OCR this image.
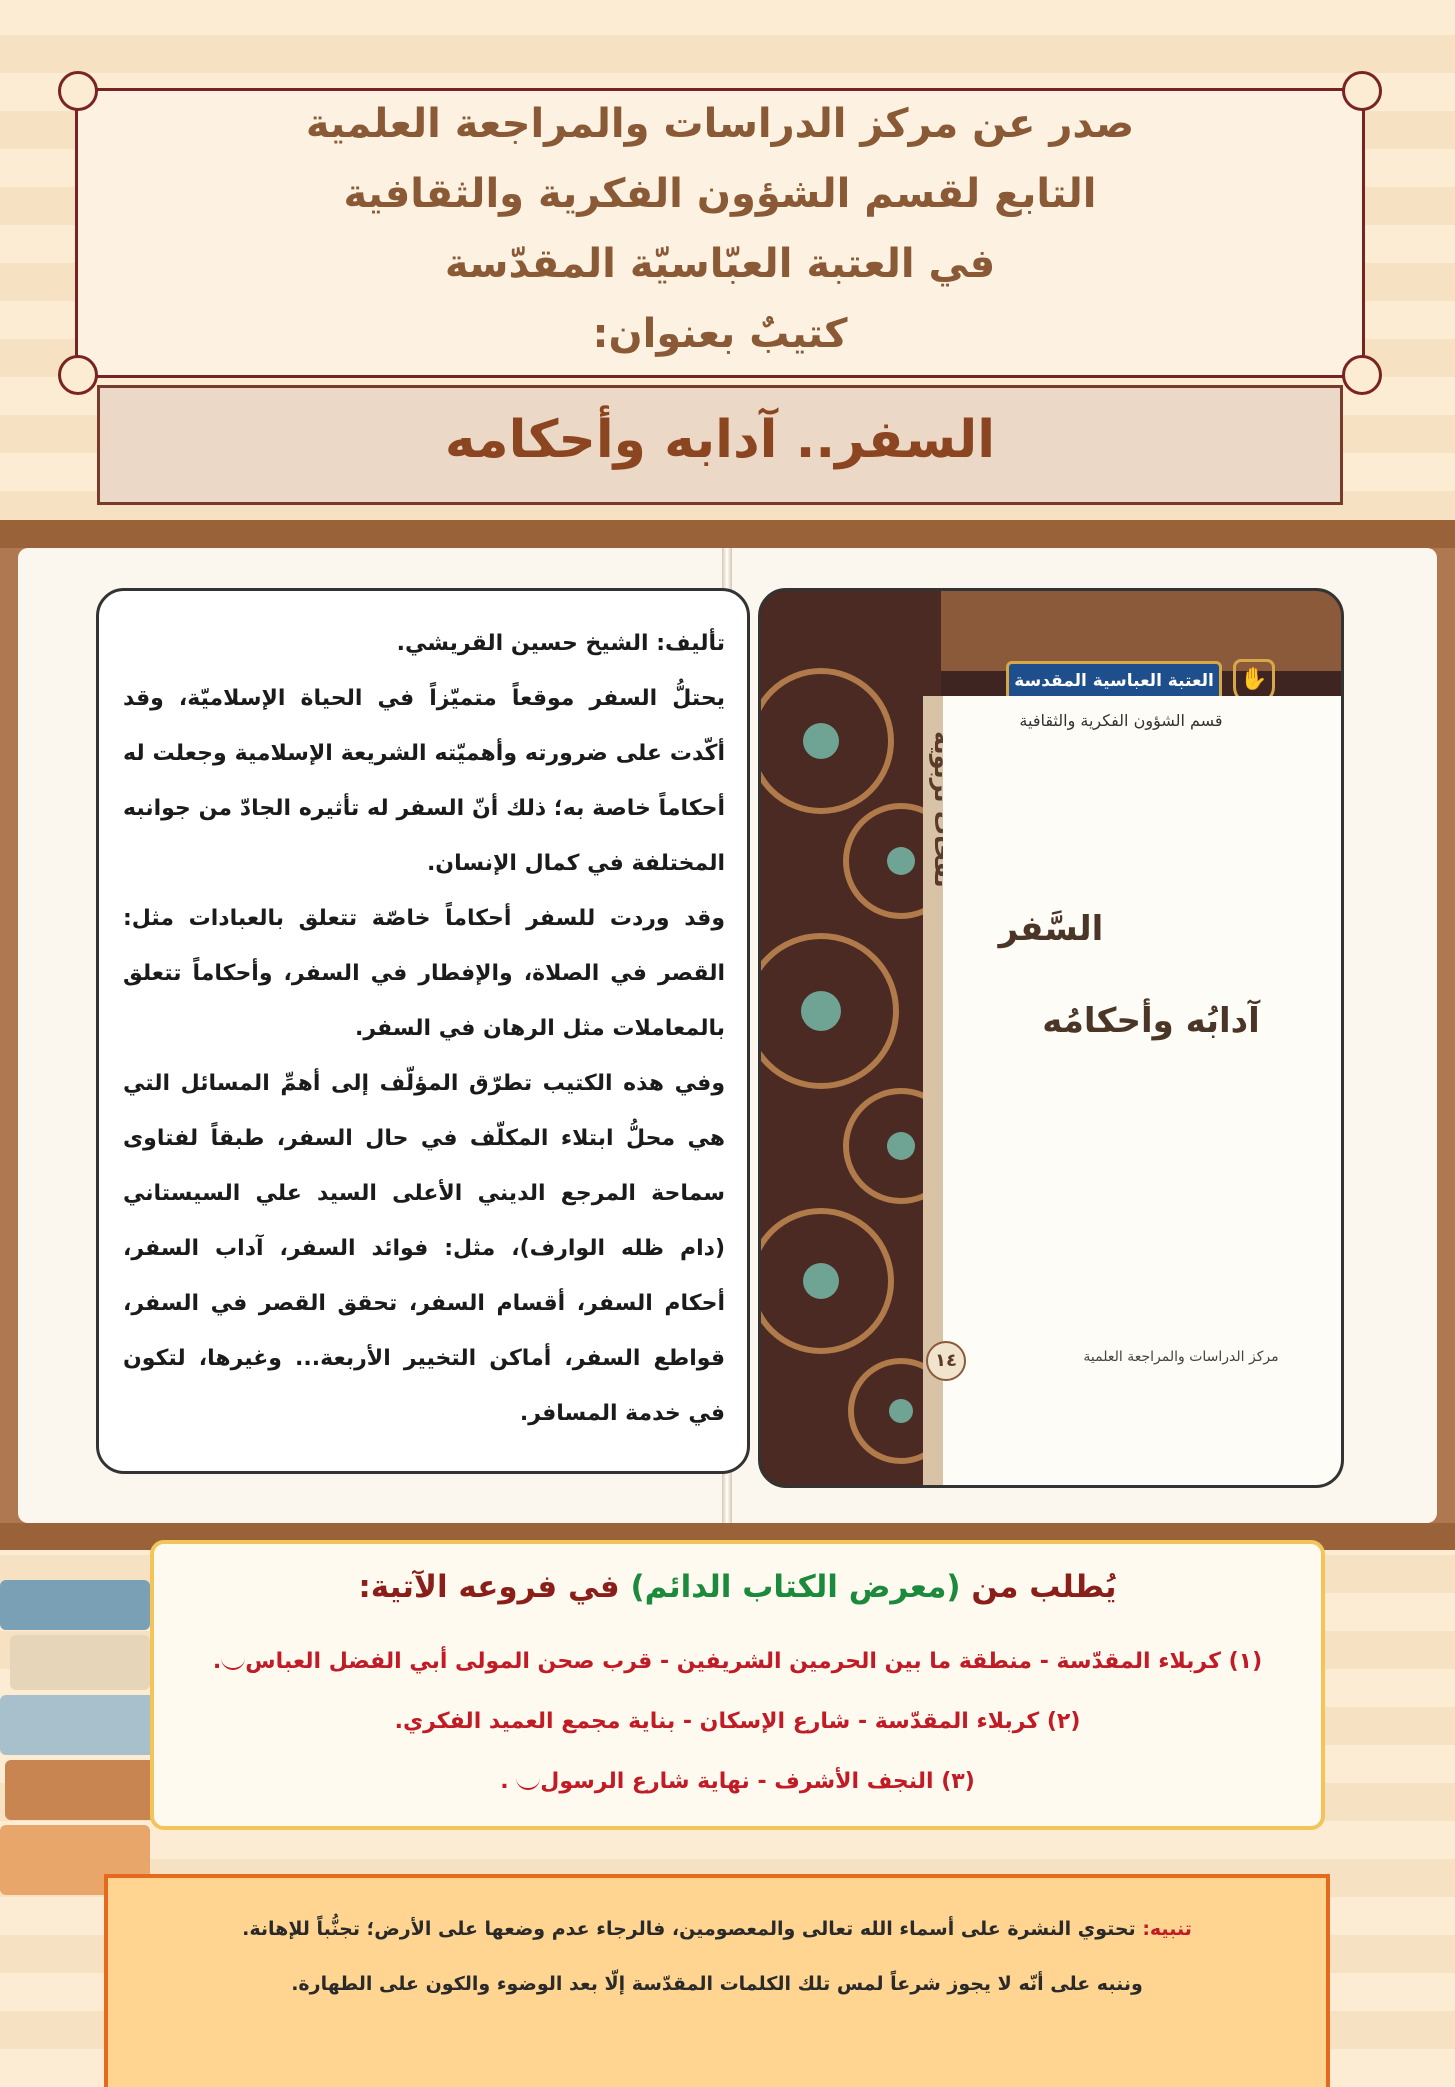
صدر عن مركز الدراسات والمراجعة العلمية
التابع لقسم الشؤون الفكرية والثقافية
في العتبة العبّاسيّة المقدّسة
كتيبٌ بعنوان:
السفر.. آدابه وأحكامه

تأليف: الشيخ حسين القريشي.

يحتلُّ السفر موقعاً متميّزاً في الحياة الإسلاميّة، وقد أكّدت على ضرورته وأهميّته الشريعة الإسلامية وجعلت له أحكاماً خاصة به؛ ذلك أنّ السفر له تأثيره الجادّ من جوانبه المختلفة في كمال الإنسان.

وقد وردت للسفر أحكاماً خاصّة تتعلق بالعبادات مثل: القصر في الصلاة، والإفطار في السفر، وأحكاماً تتعلق بالمعاملات مثل الرهان في السفر.

وفي هذه الكتيب تطرّق المؤلّف إلى أهمِّ المسائل التي هي محلُّ ابتلاء المكلّف في حال السفر، طبقاً لفتاوى سماحة المرجع الديني الأعلى السيد علي السيستاني (دام ظله الوارف)، مثل: فوائد السفر، آداب السفر، أحكام السفر، أقسام السفر، تحقق القصر في السفر، قواطع السفر، أماكن التخيير الأربعة... وغيرها، لتكون في خدمة المسافر.

العتبة العباسية المقدسة	✋
قسم الشؤون الفكرية والثقافية
السَّفر
آدابُه وأحكامُه
١٤	مركز الدراسات والمراجعة العلمية
يُطلب من (معرض الكتاب الدائم) في فروعه الآتية:
(١) كربلاء المقدّسة - منطقة ما بين الحرمين الشريفين - قرب صحن المولى أبي الفضل العباس.
(٢) كربلاء المقدّسة - شارع الإسكان - بناية مجمع العميد الفكري.
(٣) النجف الأشرف - نهاية شارع الرسول .
تنبيه: تحتوي النشرة على أسماء الله تعالى والمعصومين، فالرجاء عدم وضعها على الأرض؛ تجنُّباً للإهانة.
وننبه على أنّه لا يجوز شرعاً لمس تلك الكلمات المقدّسة إلّا بعد الوضوء والكون على الطهارة.
